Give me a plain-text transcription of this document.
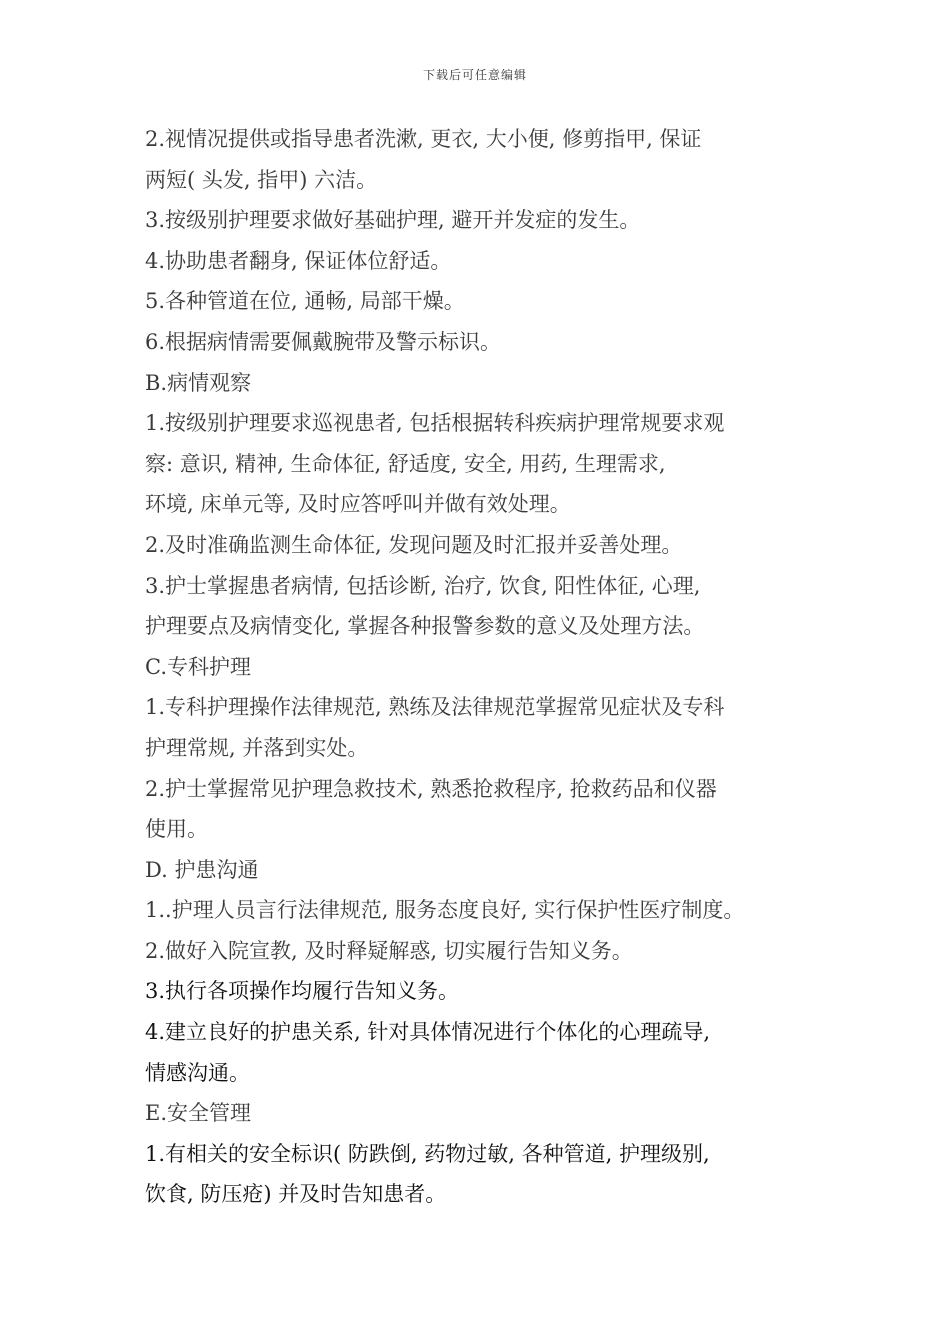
下载后可任意编辑
2.视情况提供或指导患者洗漱, 更衣, 大小便, 修剪指甲, 保证
两短( 头发, 指甲) 六洁。
3.按级别护理要求做好基础护理, 避开并发症的发生。
4.协助患者翻身, 保证体位舒适。
5.各种管道在位, 通畅, 局部干燥。
6.根据病情需要佩戴腕带及警示标识。
B.病情观察
1.按级别护理要求巡视患者, 包括根据转科疾病护理常规要求观
察: 意识, 精神, 生命体征, 舒适度, 安全, 用药, 生理需求,
环境, 床单元等, 及时应答呼叫并做有效处理。
2.及时准确监测生命体征, 发现问题及时汇报并妥善处理。
3.护士掌握患者病情, 包括诊断, 治疗, 饮食, 阳性体征, 心理,
护理要点及病情变化, 掌握各种报警参数的意义及处理方法。
C.专科护理
1.专科护理操作法律规范, 熟练及法律规范掌握常见症状及专科
护理常规, 并落到实处。
2.护士掌握常见护理急救技术, 熟悉抢救程序, 抢救药品和仪器
使用。
D. 护患沟通
1..护理人员言行法律规范, 服务态度良好, 实行保护性医疗制度。
2.做好入院宣教, 及时释疑解惑, 切实履行告知义务。
3.执行各项操作均履行告知义务。
4.建立良好的护患关系, 针对具体情况进行个体化的心理疏导,
情感沟通。
E.安全管理
1.有相关的安全标识( 防跌倒, 药物过敏, 各种管道, 护理级别,
饮食, 防压疮) 并及时告知患者。
